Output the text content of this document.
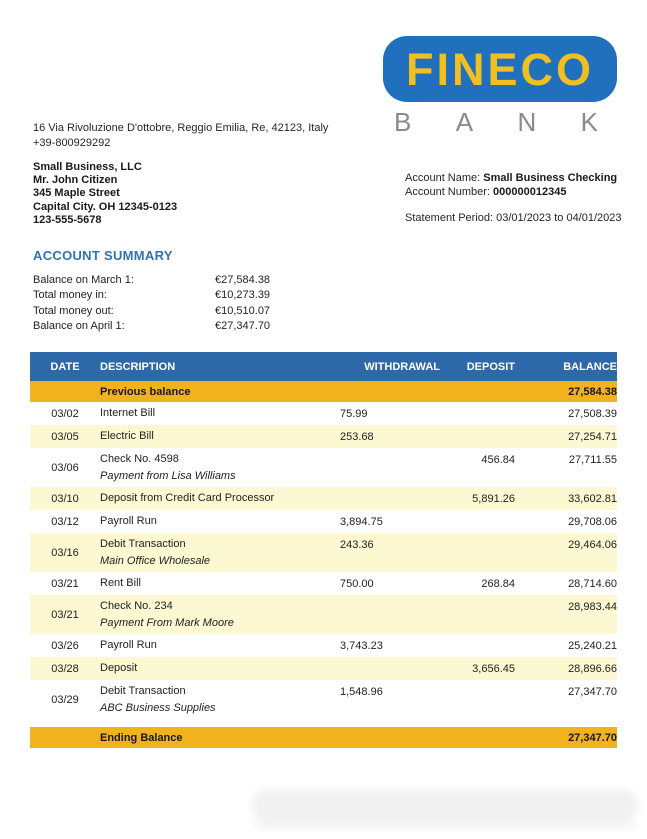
FINECO
B A N K
16 Via Rivoluzione D'ottobre, Reggio Emilia, Re, 42123, Italy
+39-800929292
Small Business, LLC
Mr. John Citizen
345 Maple Street
Capital City. OH 12345-0123
123-555-5678
Account Name: Small Business Checking
Account Number: 000000012345
Statement Period: 03/01/2023 to 04/01/2023
ACCOUNT SUMMARY
Balance on March 1:	€27,584.38
Total money in:	€10,273.39
Total money out:	€10,510.07
Balance on April 1:	€27,347.70
DATE	DESCRIPTION	WITHDRAWAL	DEPOSIT	BALANCE
	Previous balance			27,584.38
03/02	Internet Bill	75.99		27,508.39
03/05	Electric Bill	253.68		27,254.71
03/06	Check No. 4598
Payment from Lisa Williams		456.84	27,711.55
03/10	Deposit from Credit Card Processor		5,891.26	33,602.81
03/12	Payroll Run	3,894.75		29,708.06
03/16	Debit Transaction
Main Office Wholesale	243.36		29,464.06
03/21	Rent Bill	750.00	268.84	28,714.60
03/21	Check No. 234
Payment From Mark Moore			28,983.44
03/26	Payroll Run	3,743.23		25,240.21
03/28	Deposit		3,656.45	28,896.66
03/29	Debit Transaction
ABC Business Supplies	1,548.96		27,347.70

	Ending Balance			27,347.70
